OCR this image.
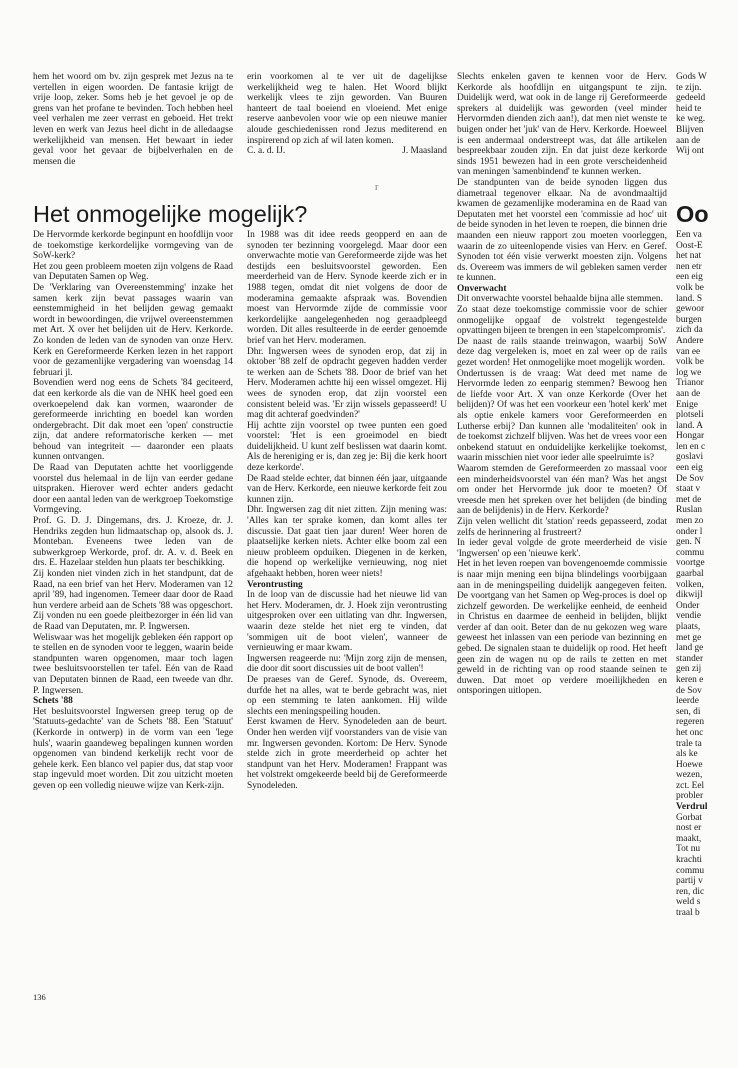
hem het woord om bv. zijn gesprek met Jezus na te vertellen in eigen woorden. De fantasie krijgt de vrije loop, zeker. Soms heb je het gevoel je op de grens van het profane te bevinden. Toch hebben heel veel verhalen me zeer verrast en geboeid. Het trekt leven en werk van Jezus heel dicht in de alledaagse werkelijkheid van mensen. Het bewaart in ieder geval voor het gevaar de bijbelverhalen en de mensen die

erin voorkomen al te ver uit de dagelijkse werkelijkheid weg te halen. Het Woord blijkt werkelijk vlees te zijn geworden. Van Buuren hanteert de taal boeiend en vloeiend. Met enige reserve aanbevolen voor wie op een nieuwe manier aloude geschiedenissen rond Jezus mediterend en inspirerend op zich af wil laten komen.

C. a. d. IJ.	J. Maasland
r
Het onmogelijke mogelijk?

De Hervormde kerkorde beginpunt en hoofdlijn voor de toekomstige kerkordelijke vormgeving van de SoW-kerk?

Het zou geen probleem moeten zijn volgens de Raad van Deputaten Samen op Weg.

De 'Verklaring van Overeenstemming' inzake het samen kerk zijn bevat passages waarin van eenstemmigheid in het belijden gewag gemaakt wordt in bewoordingen, die vrijwel overeenstemmen met Art. X over het belijden uit de Herv. Kerkorde. Zo konden de leden van de synoden van onze Herv. Kerk en Gereformeerde Kerken lezen in het rapport voor de gezamenlijke vergadering van woensdag 14 februari jl.

Bovendien werd nog eens de Schets '84 geciteerd, dat een kerkorde als die van de NHK heel goed een overkoepelend dak kan vormen, waaronder de gereformeerde inrichting en boedel kan worden ondergebracht. Dit dak moet een 'open' constructie zijn, dat andere reformatorische kerken — met behoud van integriteit — daaronder een plaats kunnen ontvangen.

De Raad van Deputaten achtte het voorliggende voorstel dus helemaal in de lijn van eerder gedane uitspraken. Hierover werd echter anders gedacht door een aantal leden van de werkgroep Toekomstige Vormgeving.

Prof. G. D. J. Dingemans, drs. J. Kroeze, dr. J. Hendriks zegden hun lidmaatschap op, alsook ds. J. Monteban. Eveneens twee leden van de subwerkgroep Werkorde, prof. dr. A. v. d. Beek en drs. E. Hazelaar stelden hun plaats ter beschikking.

Zij konden niet vinden zich in het standpunt, dat de Raad, na een brief van het Herv. Moderamen van 12 april '89, had ingenomen. Temeer daar door de Raad hun verdere arbeid aan de Schets '88 was opgeschort.

Zij vonden nu een goede pleitbezorger in één lid van de Raad van Deputaten, mr. P. Ingwersen.

Weliswaar was het mogelijk gebleken één rapport op te stellen en de synoden voor te leggen, waarin beide standpunten waren opgenomen, maar toch lagen twee besluitsvoorstellen ter tafel. Eén van de Raad van Deputaten binnen de Raad, een tweede van dhr. P. Ingwersen.

Schets '88

Het besluitsvoorstel Ingwersen greep terug op de 'Statuuts-gedachte' van de Schets '88. Een 'Statuut' (Kerkorde in ontwerp) in de vorm van een 'lege huls', waarin gaandeweg bepalingen kunnen worden opgenomen van bindend kerkelijk recht voor de gehele kerk. Een blanco vel papier dus, dat stap voor stap ingevuld moet worden. Dit zou uitzicht moeten geven op een volledig nieuwe wijze van Kerk-zijn.

In 1988 was dit idee reeds geopperd en aan de synoden ter bezinning voorgelegd. Maar door een onverwachte motie van Gereformeerde zijde was het destijds een besluitsvoorstel geworden. Een meerderheid van de Herv. Synode keerde zich er in 1988 tegen, omdat dit niet volgens de door de moderamina gemaakte afspraak was. Bovendien moest van Hervormde zijde de commissie voor kerkordelijke aangelegenheden nog geraadpleegd worden. Dit alles resulteerde in de eerder genoemde brief van het Herv. moderamen.

Dhr. Ingwersen wees de synoden erop, dat zij in oktober '88 zelf de opdracht gegeven hadden verder te werken aan de Schets '88. Door de brief van het Herv. Moderamen achtte hij een wissel omgezet. Hij wees de synoden erop, dat zijn voorstel een consistent beleid was. 'Er zijn wissels gepasseerd! U mag dit achteraf goedvinden?'

Hij achtte zijn voorstel op twee punten een goed voorstel: 'Het is een groeimodel en biedt duidelijkheid. U kunt zelf beslissen wat daarin komt. Als de hereniging er is, dan zeg je: Bij die kerk hoort deze kerkorde'.

De Raad stelde echter, dat binnen één jaar, uitgaande van de Herv. Kerkorde, een nieuwe kerkorde feit zou kunnen zijn.

Dhr. Ingwersen zag dit niet zitten. Zijn mening was: 'Alles kan ter sprake komen, dan komt alles ter discussie. Dat gaat tien jaar duren! Weer horen de plaatselijke kerken niets. Achter elke boom zal een nieuw probleem opduiken. Diegenen in de kerken, die hopend op werkelijke vernieuwing, nog niet afgehaakt hebben, horen weer niets!

Verontrusting

In de loop van de discussie had het nieuwe lid van het Herv. Moderamen, dr. J. Hoek zijn verontrusting uitgesproken over een uitlating van dhr. Ingwersen, waarin deze stelde het niet erg te vinden, dat 'sommigen uit de boot vielen', wanneer de vernieuwing er maar kwam.

Ingwersen reageerde nu: 'Mijn zorg zijn de mensen, die door dit soort discussies uit de boot vallen'!

De praeses van de Geref. Synode, ds. Overeem, durfde het na alles, wat te berde gebracht was, niet op een stemming te laten aankomen. Hij wilde slechts een meningspeiling houden.

Eerst kwamen de Herv. Synodeleden aan de beurt. Onder hen werden vijf voorstanders van de visie van mr. Ingwersen gevonden. Kortom: De Herv. Synode stelde zich in grote meerderheid op achter het standpunt van het Herv. Moderamen! Frappant was het volstrekt omgekeerde beeld bij de Gereformeerde Synodeleden.

Slechts enkelen gaven te kennen voor de Herv. Kerkorde als hoofdlijn en uitgangspunt te zijn. Duidelijk werd, wat ook in de lange rij Gereformeerde sprekers al duidelijk was geworden (veel minder Hervormden dienden zich aan!), dat men niet wenste te buigen onder het 'juk' van de Herv. Kerkorde. Hoeweel is een andermaal onderstreept was, dat álle artikelen bespreekbaar zouden zijn. En dat juist deze kerkorde sinds 1951 bewezen had in een grote verscheidenheid van meningen 'samenbindend' te kunnen werken.

De standpunten van de beide synoden liggen dus diametraal tegenover elkaar. Na de avondmaaltijd kwamen de gezamenlijke moderamina en de Raad van Deputaten met het voorstel een 'commissie ad hoc' uit de beide synoden in het leven te roepen, die binnen drie maanden een nieuw rapport zou moeten voorleggen, waarin de zo uiteenlopende visies van Herv. en Geref. Synoden tot één visie verwerkt moesten zijn. Volgens ds. Overeem was immers de wil gebleken samen verder te kunnen.

Onverwacht

Dit onverwachte voorstel behaalde bijna alle stemmen.

Zo staat deze toekomstige commissie voor de schier onmogelijke opgaaf de volstrekt tegengestelde opvattingen bijeen te brengen in een 'stapelcompromis'.

De naast de rails staande treinwagon, waarbij SoW deze dag vergeleken is, moet en zal weer op de rails gezet worden! Het onmogelijke moet mogelijk worden.

Ondertussen is de vraag: Wat deed met name de Hervormde leden zo eenparig stemmen? Bewoog hen de liefde voor Art. X van onze Kerkorde (Over het belijden)? Of was het een voorkeur een 'hotel kerk' met als optie enkele kamers voor Gereformeerden en Lutherse erbij? Dan kunnen alle 'modaliteiten' ook in de toekomst zichzelf blijven. Was het de vrees voor een onbekend statuut en onduidelijke kerkelijke toekomst, waarin misschien niet voor ieder alle speelruimte is?

Waarom stemden de Gereformeerden zo massaal voor een minderheidsvoorstel van één man? Was het angst om onder het Hervormde juk door te moeten? Of vreesde men het spreken over het belijden (de binding aan de belijdenis) in de Herv. Kerkorde?

Zijn velen wellicht dit 'station' reeds gepasseerd, zodat zelfs de herinnering al frustreert?

In ieder geval volgde de grote meerderheid de visie 'Ingwersen' op een 'nieuwe kerk'.

Het in het leven roepen van bovengenoemde commissie is naar mijn mening een bijna blindelings voorbijgaan aan in de meningspeiling duidelijk aangegeven feiten. De voortgang van het Samen op Weg-proces is doel op zichzelf geworden. De werkelijke eenheid, de eenheid in Christus en daarmee de eenheid in belijden, blijkt verder af dan ooit. Beter dan de nu gekozen weg ware geweest het inlassen van een periode van bezinning en gebed. De signalen staan te duidelijk op rood. Het heeft geen zin de wagen nu op de rails te zetten en met geweld in de richting van op rood staande seinen te duwen. Dat moet op verdere moeilijkheden en ontsporingen uitlopen.

Gods W

te zijn.

gedeeld

heid te

ke weg.

Blijven

aan de

Wij ont

Oo

Een va

Oost-E

het nat

nen etr

een eig

volk be

land. S

gewoor

burgen

zich da

Andere

van ee

volk be

log we

Trianor

aan de

Enige

plotseli

land. A

Hongar

len en c

goslavi

een eig

De Sov

staat v

met de

Ruslan

men zo

onder l

gen. N

commu

voortge

gaarbal

volken,

dikwijl

Onder

vendie

plaats,

met ge

land ge

stander

gen zij

keren e

de Sov

leerde

sen, di

regeren

het onc

trale ta

als ke

Hoewe

wezen,

zct. Eel

probler

Verdrul

Gorbat

nost er

maakt,

Tot nu

krachti

commu

partij v

ren, dic

weld s

traal b

136
